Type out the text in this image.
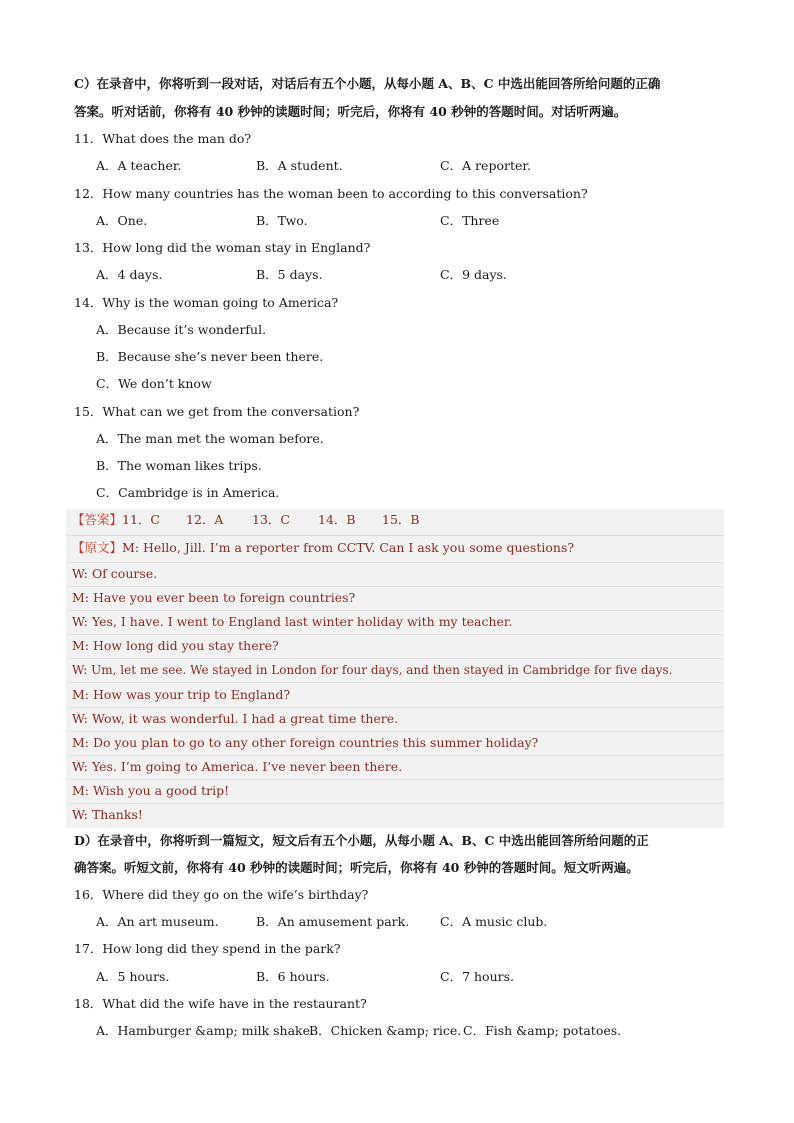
C）在录音中，你将听到一段对话，对话后有五个小题，从每小题 A、B、C 中选出能回答所给问题的正确
答案。听对话前，你将有 40 秒钟的读题时间；听完后，你将有 40 秒钟的答题时间。对话听两遍。
11．What does the man do?
A．A teacher.	B．A student.	C．A reporter.
12．How many countries has the woman been to according to this conversation?
A．One.	B．Two.	C．Three
13．How long did the woman stay in England?
A．4 days.	B．5 days.	C．9 days.
14．Why is the woman going to America?
A．Because it’s wonderful.
B．Because she’s never been there.
C．We don’t know
15．What can we get from the conversation?
A．The man met the woman before.
B．The woman likes trips.
C．Cambridge is in America.
【答案】11．C 12．A 13．C 14．B 15．B
【原文】M: Hello, Jill. I’m a reporter from CCTV. Can I ask you some questions?
W: Of course.
M: Have you ever been to foreign countries?
W: Yes, I have. I went to England last winter holiday with my teacher.
M: How long did you stay there?
W: Um, let me see. We stayed in London for four days, and then stayed in Cambridge for five days.
M: How was your trip to England?
W: Wow, it was wonderful. I had a great time there.
M: Do you plan to go to any other foreign countries this summer holiday?
W: Yes. I’m going to America. I’ve never been there.
M: Wish you a good trip!
W: Thanks!
D）在录音中，你将听到一篇短文，短文后有五个小题，从每小题 A、B、C 中选出能回答所给问题的正
确答案。听短文前，你将有 40 秒钟的读题时间；听完后，你将有 40 秒钟的答题时间。短文听两遍。
16．Where did they go on the wife’s birthday?
A．An art museum.	B．An amusement park. C．A music club.
17．How long did they spend in the park?
A．5 hours.	B．6 hours.	C．7 hours.
18．What did the wife have in the restaurant?
A．Hamburger &amp; milk shake.
B．Chicken &amp; rice. C．Fish &amp; potatoes.
